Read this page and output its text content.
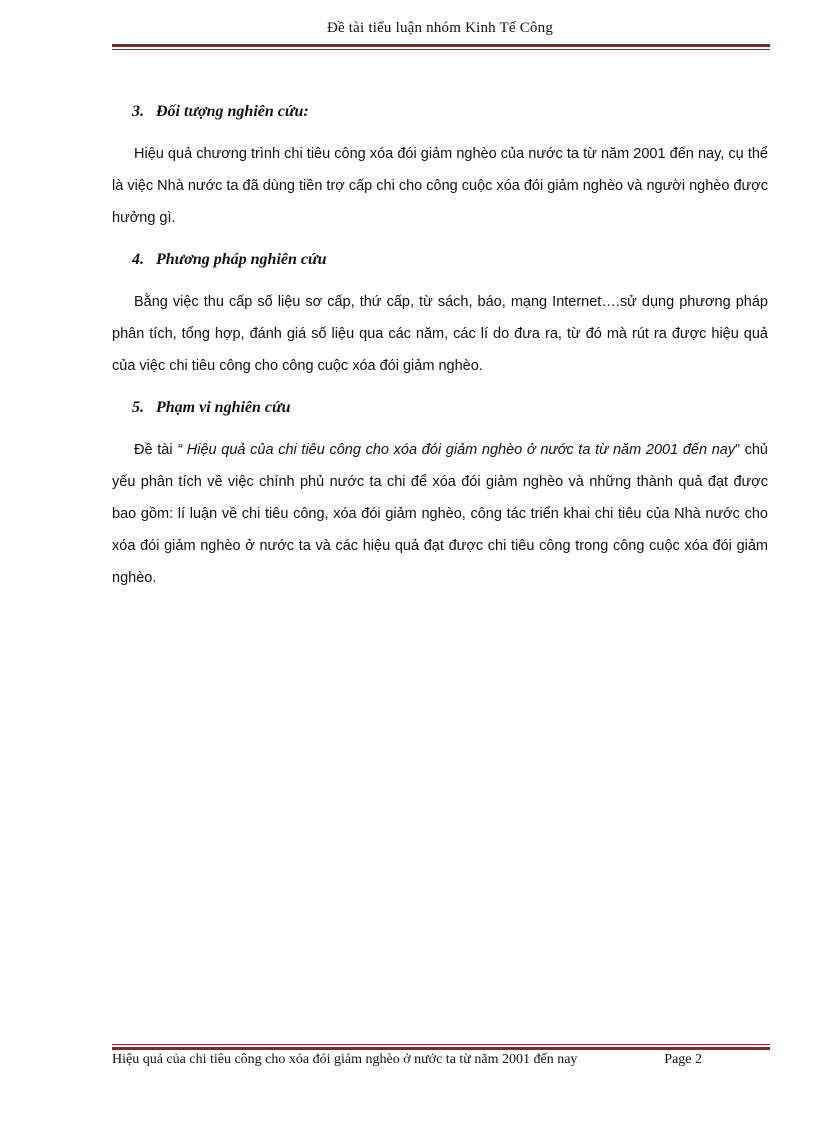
Đề tài tiểu luận nhóm Kinh Tế Công
3. Đối tượng nghiên cứu:

Hiệu quả chương trình chi tiêu công xóa đói giảm nghèo của nước ta từ năm 2001 đến nay, cụ thể là việc Nhà nước ta đã dùng tiền trợ cấp chi cho công cuộc xóa đói giảm nghèo và người nghèo được hưởng gì.

4. Phương pháp nghiên cứu

Bằng việc thu cấp số liệu sơ cấp, thứ cấp, từ sách, báo, mạng Internet….sử dụng phương pháp phân tích, tổng hợp, đánh giá số liệu qua các năm, các lí do đưa ra, từ đó mà rút ra được hiệu quả của việc chi tiêu công cho công cuộc xóa đói giảm nghèo.

5. Phạm vi nghiên cứu

Đề tài “ Hiệu quả của chi tiêu công cho xóa đói giảm nghèo ở nước ta từ năm 2001 đến nay” chủ yếu phân tích về việc chính phủ nước ta chi để xóa đói giảm nghèo và những thành quả đạt được bao gồm: lí luận về chi tiêu công, xóa đói giảm nghèo, công tác triển khai chi tiêu của Nhà nước cho xóa đói giảm nghèo ở nước ta và các hiệu quả đạt được chi tiêu công trong công cuộc xóa đói giảm nghèo.

Hiệu quả của chi tiêu công cho xóa đói giảm nghèo ở nước ta từ năm 2001 đến nay	Page 2
